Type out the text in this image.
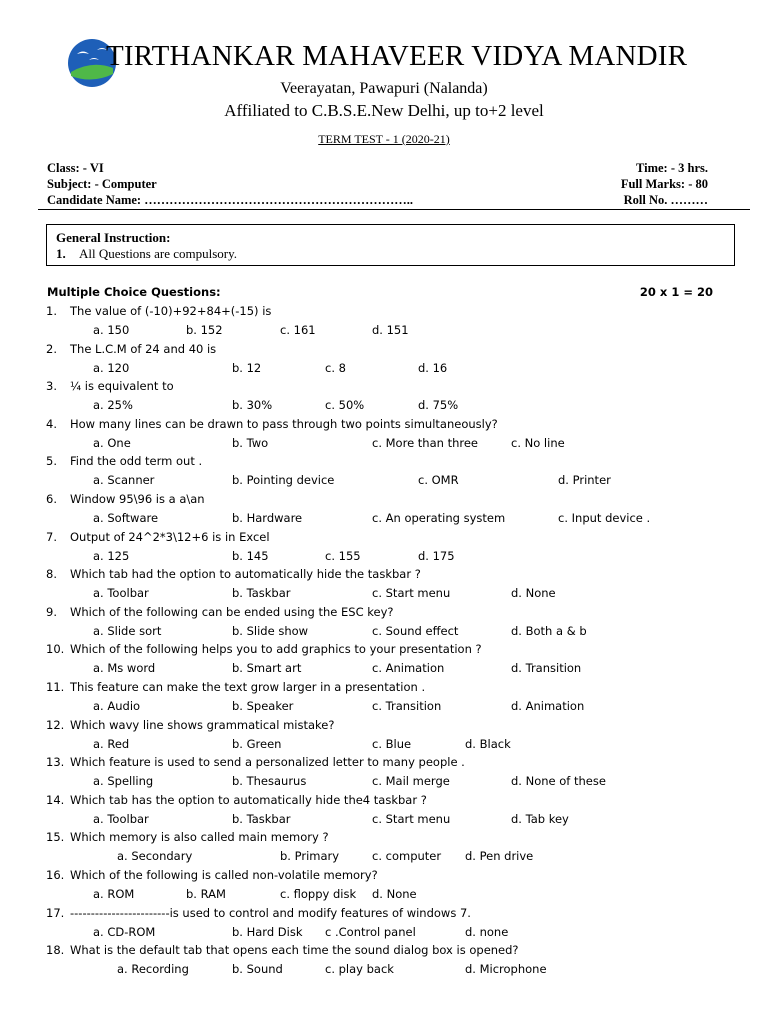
TIRTHANKAR MAHAVEER VIDYA MANDIR
Veerayatan, Pawapuri (Nalanda)
Affiliated to C.B.S.E.New Delhi, up to+2 level
TERM TEST - 1 (2020-21)
Class: - VI
Subject: - Computer
Candidate Name: ………………………………………………………..
Time: - 3 hrs.
Full Marks: - 80
Roll No. ………
General Instruction:
1. All Questions are compulsory.
Multiple Choice Questions:	20 x 1 = 20
1. The value of (-10)+92+84+(-15) is
a. 150	b. 152	c. 161	d. 151
2. The L.C.M of 24 and 40 is
a. 120	b. 12	c. 8	d. 16
3. ¼ is equivalent to
a. 25%	b. 30%	c. 50%	d. 75%
4. How many lines can be drawn to pass through two points simultaneously?
a. One	b. Two	c. More than three	c. No line
5. Find the odd term out .
a. Scanner	b. Pointing device	c. OMR	d. Printer
6. Window 95\96 is a a\an
a. Software	b. Hardware	c. An operating system	c. Input device .
7. Output of 24^2*3\12+6 is in Excel
a. 125	b. 145	c. 155	d. 175
8. Which tab had the option to automatically hide the taskbar ?
a. Toolbar	b. Taskbar	c. Start menu	d. None
9. Which of the following can be ended using the ESC key?
a. Slide sort	b. Slide show	c. Sound effect	d. Both a & b
10. Which of the following helps you to add graphics to your presentation ?
a. Ms word	b. Smart art	c. Animation	d. Transition
11. This feature can make the text grow larger in a presentation .
a. Audio	b. Speaker	c. Transition	d. Animation
12. Which wavy line shows grammatical mistake?
a. Red	b. Green	c. Blue	d. Black
13. Which feature is used to send a personalized letter to many people .
a. Spelling	b. Thesaurus	c. Mail merge	d. None of these
14. Which tab has the option to automatically hide the4 taskbar ?
a. Toolbar	b. Taskbar	c. Start menu	d. Tab key
15. Which memory is also called main memory ?
a. Secondary	b. Primary	c. computer d. Pen drive
16. Which of the following is called non-volatile memory?
a. ROM	b. RAM	c. floppy disk d. None
17. ------------------------is used to control and modify features of windows 7.
a. CD-ROM	b. Hard Disk c .Control panel	d. none
18. What is the default tab that opens each time the sound dialog box is opened?
a. Recording	b. Sound	c. play back	d. Microphone
